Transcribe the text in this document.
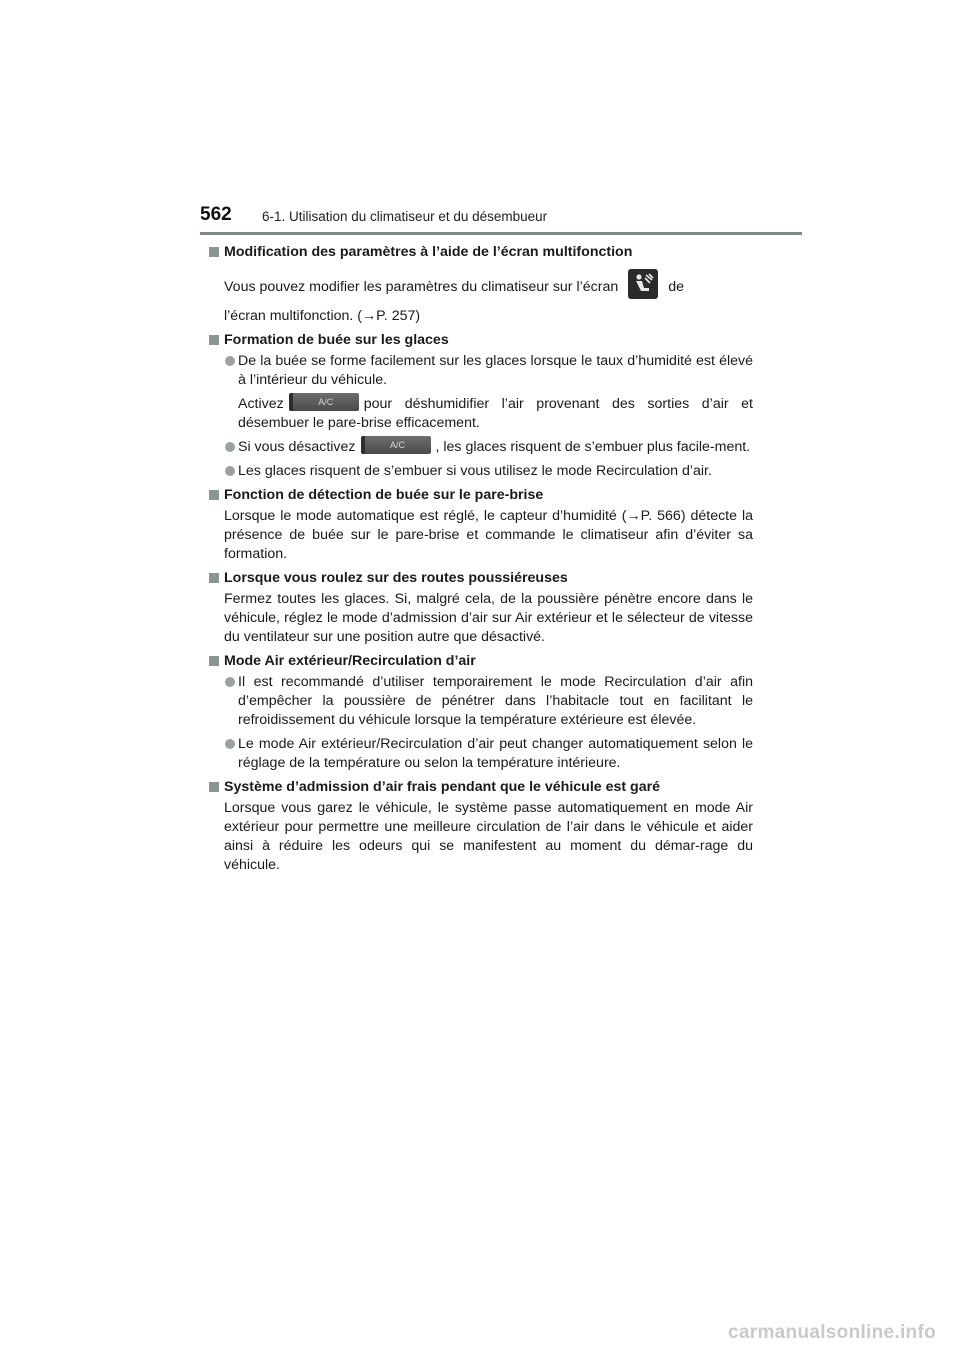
562 6-1. Utilisation du climatiseur et du désembueur
Modification des paramètres à l’aide de l’écran multifonction
Vous pouvez modifier les paramètres du climatiseur sur l’écran	de
l’écran multifonction. (→P. 257)
Formation de buée sur les glaces
De la buée se forme facilement sur les glaces lorsque le taux d’humidité est élevé à l’intérieur du véhicule.
Activez	A/C pour déshumidifier l’air provenant des sorties d’air et désembuer le pare-brise efficacement.
Si vous désactivez	A/C , les glaces risquent de s’embuer plus facile-ment.
Les glaces risquent de s’embuer si vous utilisez le mode Recirculation d’air.
Fonction de détection de buée sur le pare-brise
Lorsque le mode automatique est réglé, le capteur d’humidité (→P. 566) détecte la présence de buée sur le pare-brise et commande le climatiseur afin d’éviter sa formation.
Lorsque vous roulez sur des routes poussiéreuses
Fermez toutes les glaces. Si, malgré cela, de la poussière pénètre encore dans le véhicule, réglez le mode d’admission d’air sur Air extérieur et le sélecteur de vitesse du ventilateur sur une position autre que désactivé.
Mode Air extérieur/Recirculation d’air
Il est recommandé d’utiliser temporairement le mode Recirculation d’air afin d’empêcher la poussière de pénétrer dans l’habitacle tout en facilitant le refroidissement du véhicule lorsque la température extérieure est élevée.
Le mode Air extérieur/Recirculation d’air peut changer automatiquement selon le réglage de la température ou selon la température intérieure.
Système d’admission d’air frais pendant que le véhicule est garé
Lorsque vous garez le véhicule, le système passe automatiquement en mode Air extérieur pour permettre une meilleure circulation de l’air dans le véhicule et aider ainsi à réduire les odeurs qui se manifestent au moment du démar-rage du véhicule.
carmanualsonline.info
